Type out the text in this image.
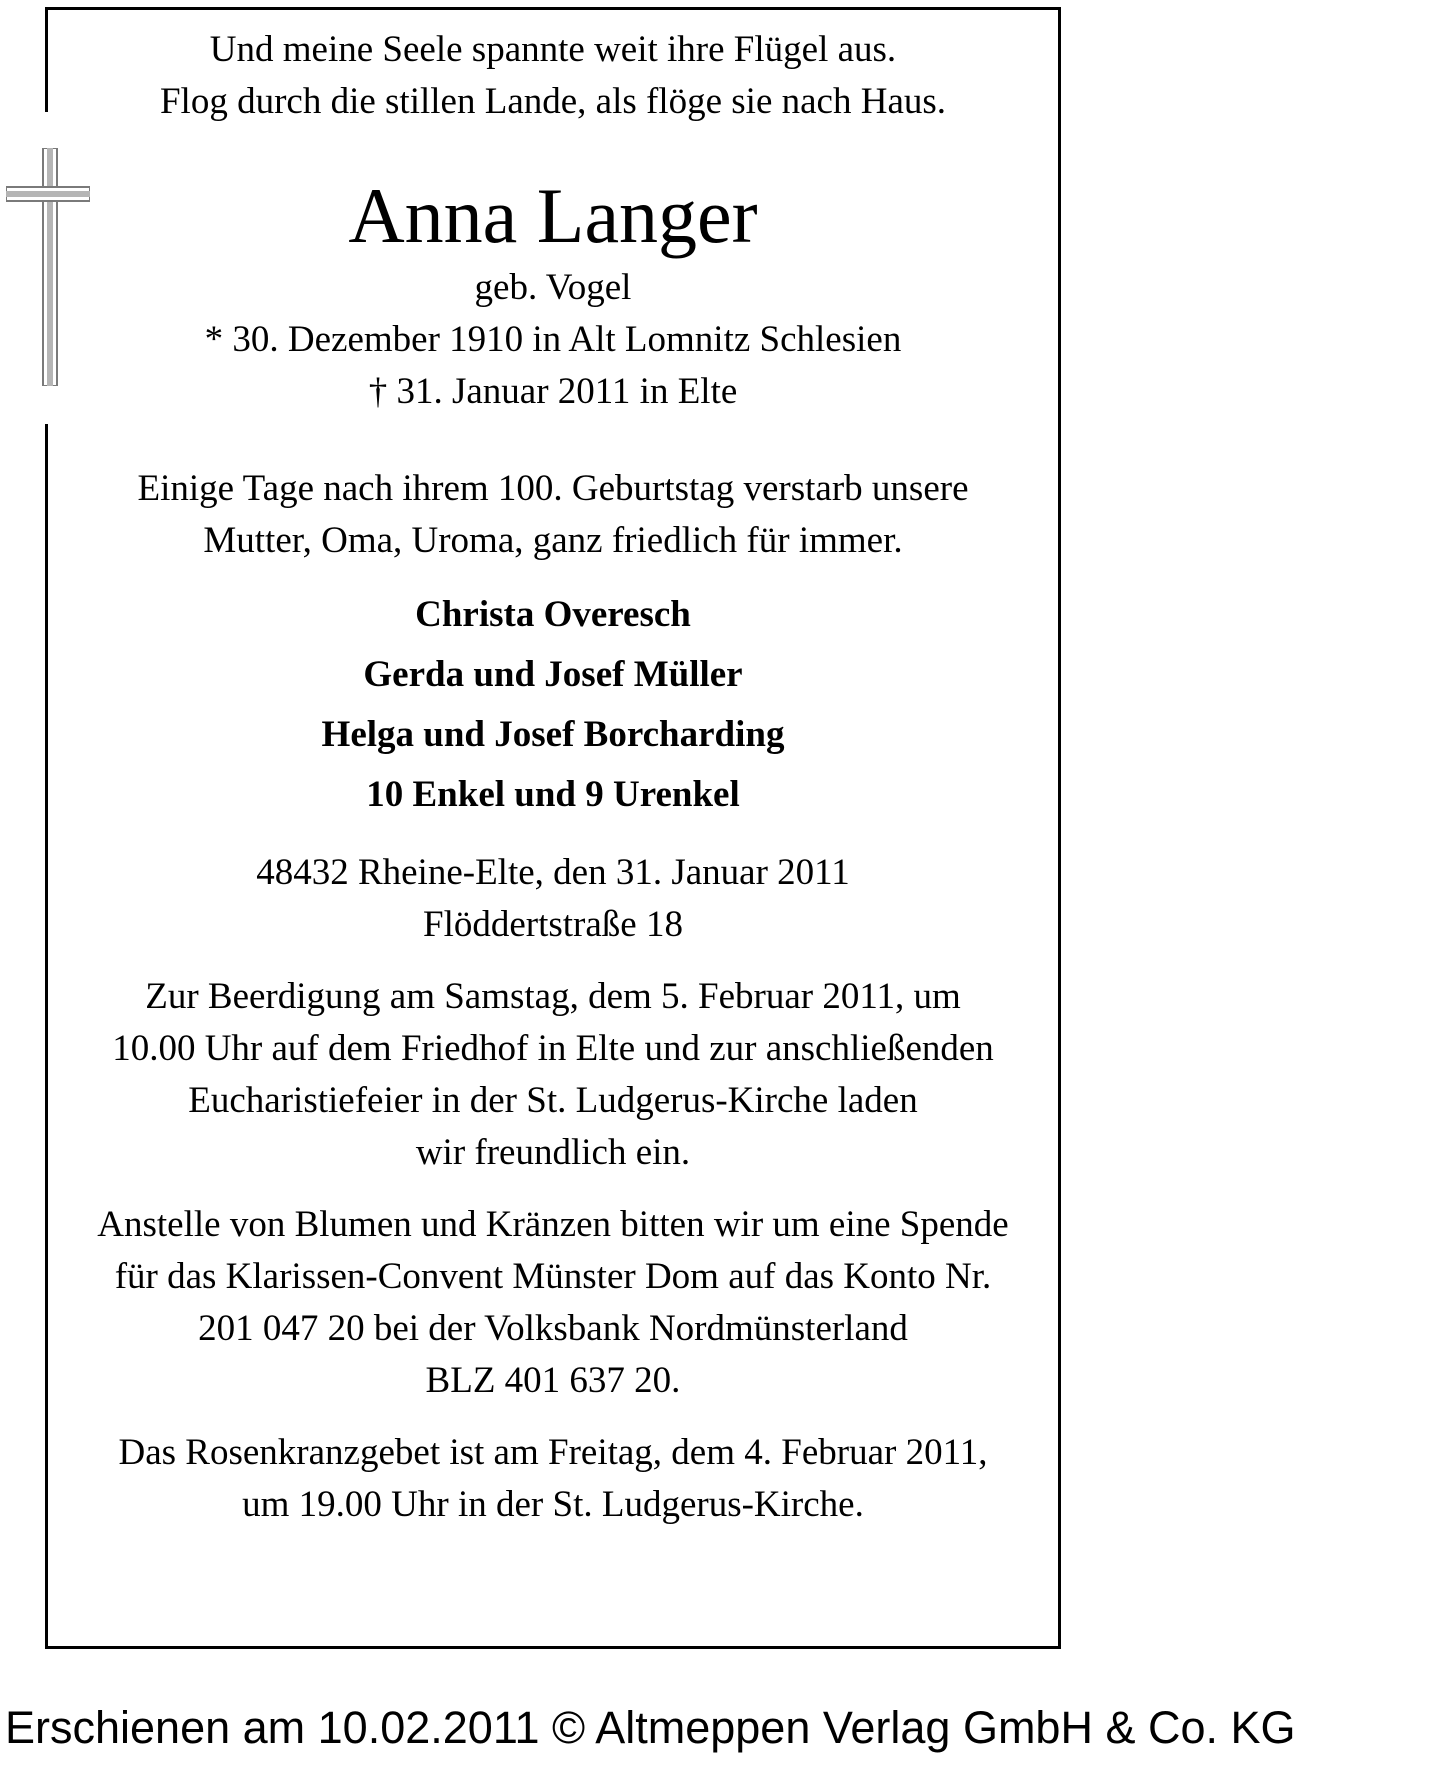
Und meine Seele spannte weit ihre Flügel aus.
Flog durch die stillen Lande, als flöge sie nach Haus.
Anna Langer
geb. Vogel
* 30. Dezember 1910 in Alt Lomnitz Schlesien
† 31. Januar 2011 in Elte
Einige Tage nach ihrem 100. Geburtstag verstarb unsere
Mutter, Oma, Uroma, ganz friedlich für immer.
Christa Overesch
Gerda und Josef Müller
Helga und Josef Borcharding
10 Enkel und 9 Urenkel
48432 Rheine-Elte, den 31. Januar 2011
Flöddertstraße 18
Zur Beerdigung am Samstag, dem 5. Februar 2011, um
10.00 Uhr auf dem Friedhof in Elte und zur anschließenden
Eucharistiefeier in der St. Ludgerus-Kirche laden
wir freundlich ein.
Anstelle von Blumen und Kränzen bitten wir um eine Spende
für das Klarissen-Convent Münster Dom auf das Konto Nr.
201 047 20 bei der Volksbank Nordmünsterland
BLZ 401 637 20.
Das Rosenkranzgebet ist am Freitag, dem 4. Februar 2011,
um 19.00 Uhr in der St. Ludgerus-Kirche.
Erschienen am 10.02.2011 © Altmeppen Verlag GmbH & Co. KG
